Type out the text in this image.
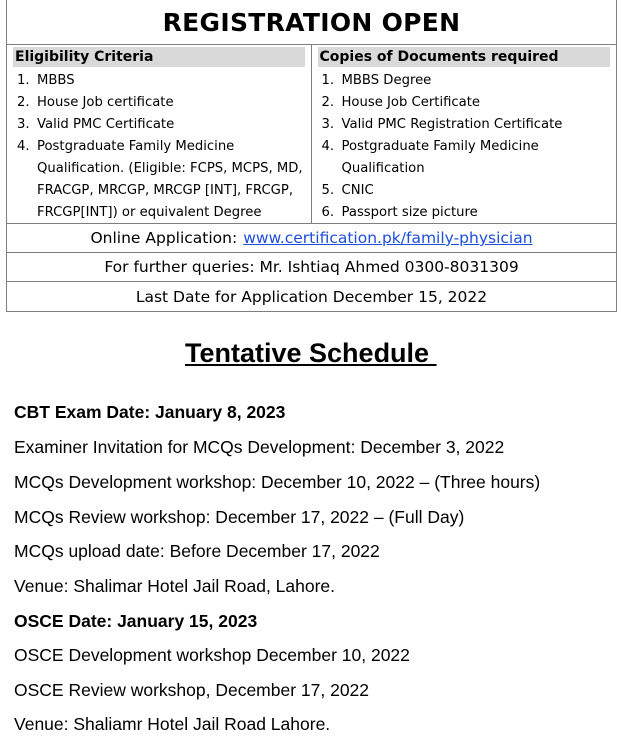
REGISTRATION OPEN
Eligibility Criteria
1. MBBS
2. House Job certificate
3. Valid PMC Certificate
4. Postgraduate Family Medicine Qualification. (Eligible: FCPS, MCPS, MD, FRACGP, MRCGP, MRCGP [INT], FRCGP, FRCGP[INT]) or equivalent Degree
Copies of Documents required
1. MBBS Degree
2. House Job Certificate
3. Valid PMC Registration Certificate
4. Postgraduate Family Medicine Qualification
5. CNIC
6. Passport size picture
Online Application: www.certification.pk/family-physician
For further queries: Mr. Ishtiaq Ahmed 0300-8031309
Last Date for Application December 15, 2022
Tentative Schedule
CBT Exam Date: January 8, 2023
Examiner Invitation for MCQs Development: December 3, 2022
MCQs Development workshop: December 10, 2022 – (Three hours)
MCQs Review workshop: December 17, 2022 – (Full Day)
MCQs upload date: Before December 17, 2022
Venue: Shalimar Hotel Jail Road, Lahore.
OSCE Date: January 15, 2023
OSCE Development workshop December 10, 2022
OSCE Review workshop, December 17, 2022
Venue: Shaliamr Hotel Jail Road Lahore.
